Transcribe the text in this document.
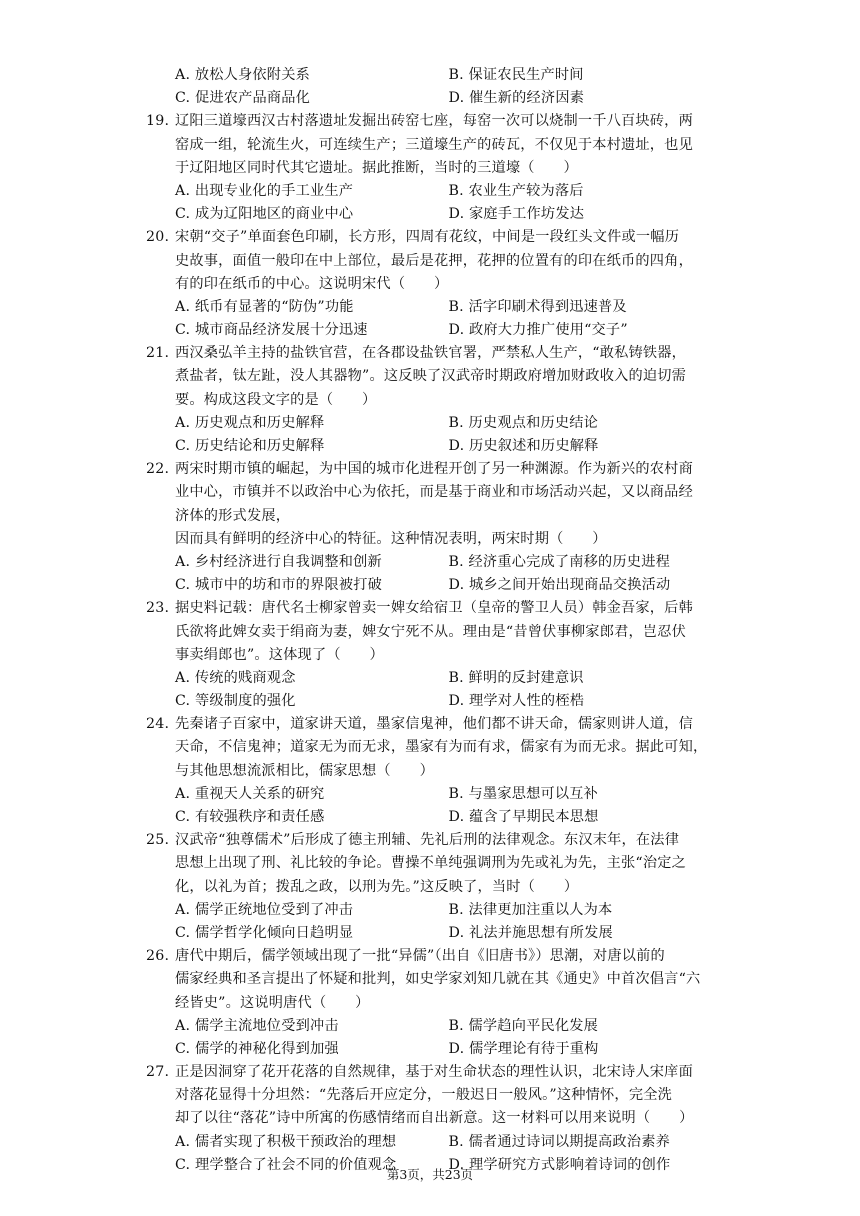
A. 放松人身依附关系	B. 保证农民生产时间
C. 促进农产品商品化	D. 催生新的经济因素
19. 辽阳三道壕西汉古村落遗址发掘出砖窑七座，每窑一次可以烧制一千八百块砖，两
窑成一组，轮流生火，可连续生产；三道壕生产的砖瓦，不仅见于本村遗址，也见
于辽阳地区同时代其它遗址。据此推断，当时的三道壕（　　）
A. 出现专业化的手工业生产	B. 农业生产较为落后
C. 成为辽阳地区的商业中心	D. 家庭手工作坊发达
20. 宋朝“交子”单面套色印刷，长方形，四周有花纹，中间是一段红头文件或一幅历
史故事，面值一般印在中上部位，最后是花押，花押的位置有的印在纸币的四角，
有的印在纸币的中心。这说明宋代（　　）
A. 纸币有显著的“防伪”功能	B. 活字印刷术得到迅速普及
C. 城市商品经济发展十分迅速	D. 政府大力推广使用“交子”
21. 西汉桑弘羊主持的盐铁官营，在各郡设盐铁官署，严禁私人生产，“敢私铸铁器，
煮盐者，钛左趾，没人其器物”。这反映了汉武帝时期政府增加财政收入的迫切需
要。构成这段文字的是（　　）
A. 历史观点和历史解释	B. 历史观点和历史结论
C. 历史结论和历史解释	D. 历史叙述和历史解释
22. 两宋时期市镇的崛起，为中国的城市化进程开创了另一种渊源。作为新兴的农村商
业中心，市镇并不以政治中心为依托，而是基于商业和市场活动兴起，又以商品经
济体的形式发展，
因而具有鲜明的经济中心的特征。这种情况表明，两宋时期（　　）
A. 乡村经济进行自我调整和创新	B. 经济重心完成了南移的历史进程
C. 城市中的坊和市的界限被打破	D. 城乡之间开始出现商品交换活动
23. 据史料记载：唐代名士柳家曾卖一婢女给宿卫（皇帝的警卫人员）韩金吾家，后韩
氏欲将此婢女卖于绢商为妻，婢女宁死不从。理由是“昔曾伏事柳家郎君，岂忍伏
事卖绢郎也”。这体现了（　　）
A. 传统的贱商观念	B. 鲜明的反封建意识
C. 等级制度的强化	D. 理学对人性的桎梏
24. 先秦诸子百家中，道家讲天道，墨家信鬼神，他们都不讲天命，儒家则讲人道，信
天命，不信鬼神；道家无为而无求，墨家有为而有求，儒家有为而无求。据此可知，
与其他思想流派相比，儒家思想（　　）
A. 重视天人关系的研究	B. 与墨家思想可以互补
C. 有较强秩序和责任感	D. 蕴含了早期民本思想
25. 汉武帝“独尊儒术”后形成了德主刑辅、先礼后刑的法律观念。东汉末年，在法律
思想上出现了刑、礼比较的争论。曹操不单纯强调刑为先或礼为先，主张“治定之
化，以礼为首；拨乱之政，以刑为先。”这反映了，当时（　　）
A. 儒学正统地位受到了冲击	B. 法律更加注重以人为本
C. 儒学哲学化倾向日趋明显	D. 礼法并施思想有所发展
26. 唐代中期后，儒学领域出现了一批“异儒”（出自《旧唐书》）思潮，对唐以前的
儒家经典和圣言提出了怀疑和批判，如史学家刘知几就在其《通史》中首次倡言“六
经皆史”。这说明唐代（　　）
A. 儒学主流地位受到冲击	B. 儒学趋向平民化发展
C. 儒学的神秘化得到加强	D. 儒学理论有待于重构
27. 正是因洞穿了花开花落的自然规律，基于对生命状态的理性认识，北宋诗人宋庠面
对落花显得十分坦然：“先落后开应定分，一般迟日一般风。”这种情怀，完全洗
却了以往“落花”诗中所寓的伤感情绪而自出新意。这一材料可以用来说明（　　）
A. 儒者实现了积极干预政治的理想	B. 儒者通过诗词以期提高政治素养
C. 理学整合了社会不同的价值观念	D. 理学研究方式影响着诗词的创作
第3页，共23页
